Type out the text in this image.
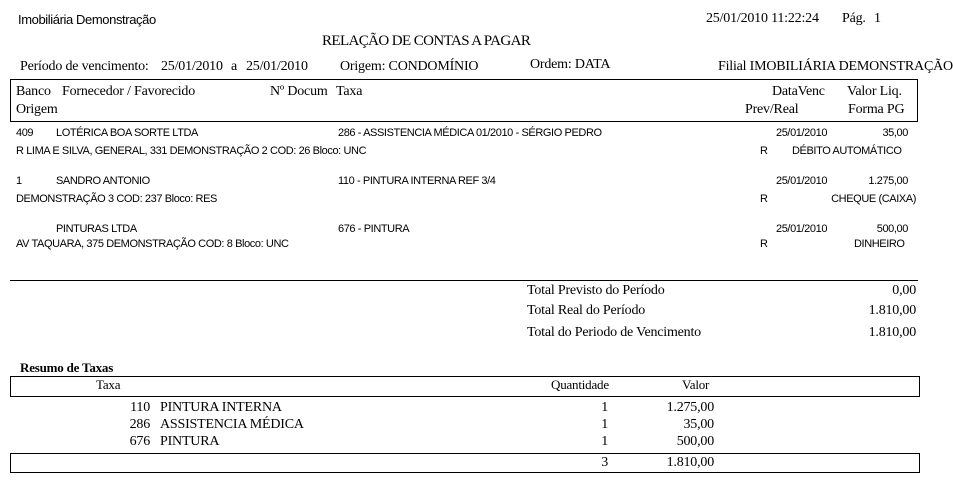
Imobiliária Demonstração	25/01/2010 11:22:24 Pág. 1
RELAÇÃO DE CONTAS A PAGAR
Período de vencimento: 25/01/2010 a 25/01/2010 Origem: CONDOMÍNIO	Ordem: DATA	Filial IMOBILIÁRIA DEMONSTRAÇÃO
Banco Fornecedor / Favorecido	Nº Docum Taxa	DataVenc Valor Liq.
Origem	Prev/Real	Forma PG
409 LOTÉRICA BOA SORTE LTDA	286 - ASSISTENCIA MÉDICA 01/2010 - SÉRGIO PEDRO	25/01/2010	35,00
R LIMA E SILVA, GENERAL, 331 DEMONSTRAÇÃO 2 COD: 26 Bloco: UNC	R DÉBITO AUTOMÁTICO
1	SANDRO ANTONIO	110 - PINTURA INTERNA REF 3/4	25/01/2010	1.275,00
DEMONSTRAÇÃO 3 COD: 237 Bloco: RES	R	CHEQUE (CAIXA)
PINTURAS LTDA	676 - PINTURA	25/01/2010	500,00
AV TAQUARA, 375 DEMONSTRAÇÃO COD: 8 Bloco: UNC	R	DINHEIRO
Total Previsto do Período	0,00
Total Real do Período	1.810,00
Total do Periodo de Vencimento	1.810,00
Resumo de Taxas
Taxa	Quantidade	Valor
110 PINTURA INTERNA	1	1.275,00
286 ASSISTENCIA MÉDICA	1	35,00
676 PINTURA	1	500,00
3	1.810,00
